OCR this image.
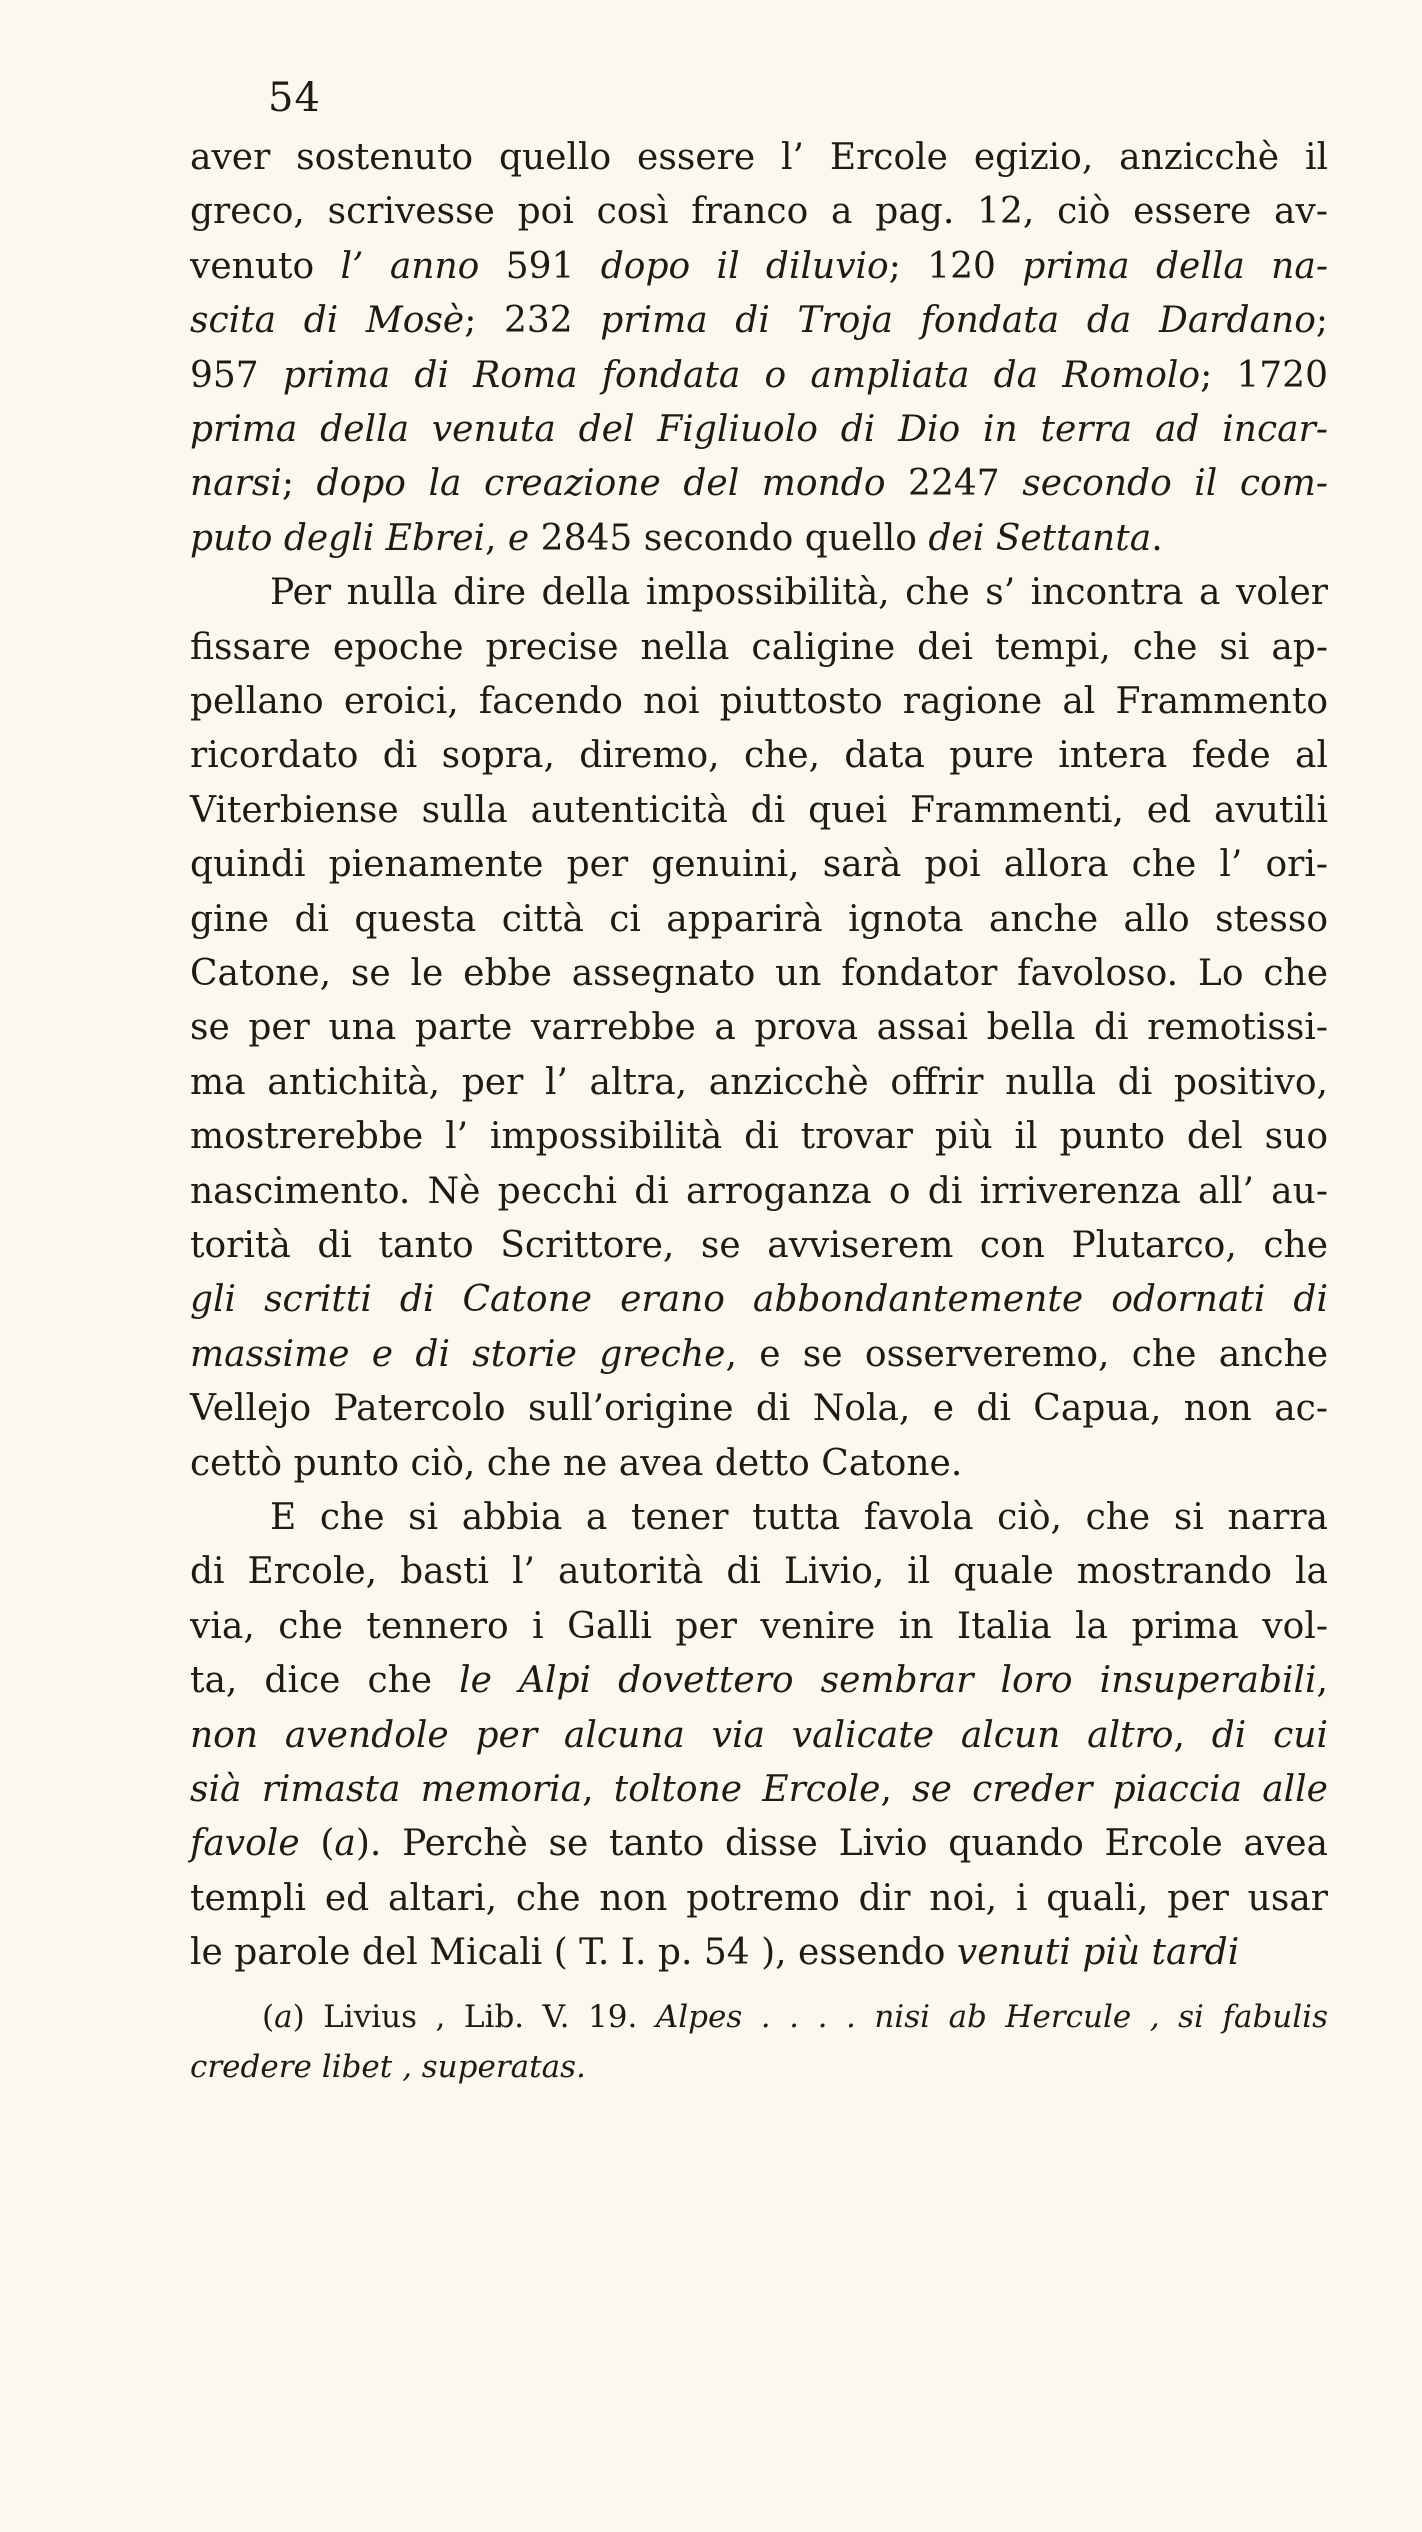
54
aver sostenuto quello essere l’ Ercole egizio, anzicchè il
greco, scrivesse poi così franco a pag. 12, ciò essere av-
venuto l’ anno 591 dopo il diluvio; 120 prima della na-
scita di Mosè; 232 prima di Troja fondata da Dardano;
957 prima di Roma fondata o ampliata da Romolo; 1720
prima della venuta del Figliuolo di Dio in terra ad incar-
narsi; dopo la creazione del mondo 2247 secondo il com-
puto degli Ebrei, e 2845 secondo quello dei Settanta.
Per nulla dire della impossibilità, che s’ incontra a voler
fissare epoche precise nella caligine dei tempi, che si ap-
pellano eroici, facendo noi piuttosto ragione al Frammento
ricordato di sopra, diremo, che, data pure intera fede al
Viterbiense sulla autenticità di quei Frammenti, ed avutili
quindi pienamente per genuini, sarà poi allora che l’ ori-
gine di questa città ci apparirà ignota anche allo stesso
Catone, se le ebbe assegnato un fondator favoloso. Lo che
se per una parte varrebbe a prova assai bella di remotissi-
ma antichità, per l’ altra, anzicchè offrir nulla di positivo,
mostrerebbe l’ impossibilità di trovar più il punto del suo
nascimento. Nè pecchi di arroganza o di irriverenza all’ au-
torità di tanto Scrittore, se avviserem con Plutarco, che
gli scritti di Catone erano abbondantemente odornati di
massime e di storie greche, e se osserveremo, che anche
Vellejo Patercolo sull’origine di Nola, e di Capua, non ac-
cettò punto ciò, che ne avea detto Catone.
E che si abbia a tener tutta favola ciò, che si narra
di Ercole, basti l’ autorità di Livio, il quale mostrando la
via, che tennero i Galli per venire in Italia la prima vol-
ta, dice che le Alpi dovettero sembrar loro insuperabili,
non avendole per alcuna via valicate alcun altro, di cui
sià rimasta memoria, toltone Ercole, se creder piaccia alle
favole (a). Perchè se tanto disse Livio quando Ercole avea
templi ed altari, che non potremo dir noi, i quali, per usar
le parole del Micali ( T. I. p. 54 ), essendo venuti più tardi
(a) Livius , Lib. V. 19. Alpes . . . . nisi ab Hercule , si fabulis
credere libet , superatas.
